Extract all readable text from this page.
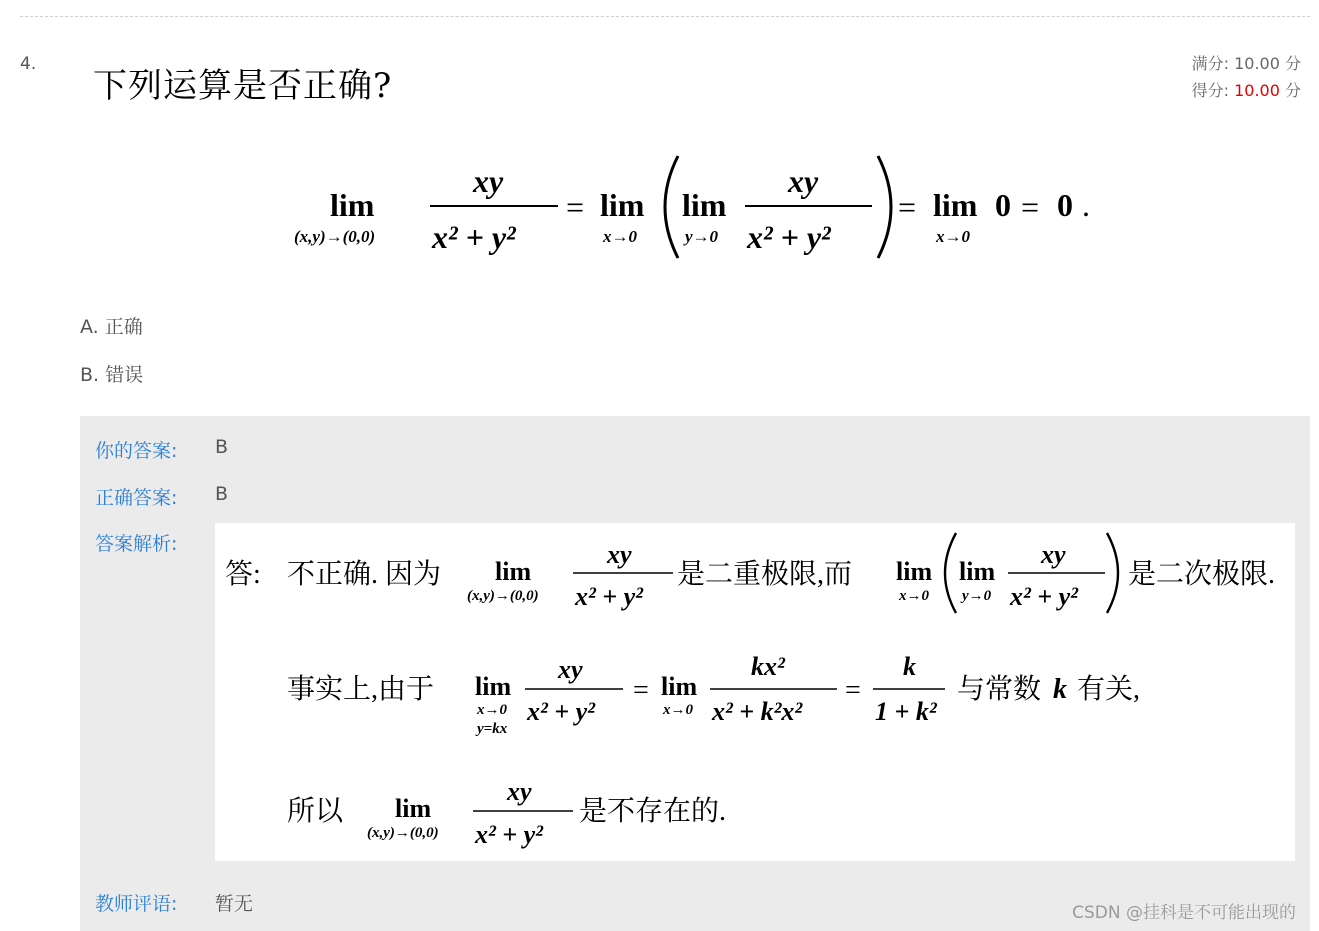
4.
下列运算是否正确?
满分: 10.00 分
得分: 10.00 分
lim
(x,y)→(0,0)
xy
x² + y²
= lim
x→0
lim
y→0
xy
x² + y²
= lim
x→0
0 = 0 .
A. 正确
B. 错误
你的答案: B
正确答案: B
答案解析:
答: 不正确. 因为 lim
(x,y)→(0,0)
xy
x² + y²
是二重极限,而 lim
x→0
lim
y→0
xy
x² + y²
是二次极限.
事实上,由于 lim
x→0
y=kx
xy
x² + y²
= lim
x→0
kx²
x² + k²x²
=
k
1 + k²
与常数 k 有关,
所以 lim
(x,y)→(0,0)
xy
x² + y²
是不存在的.
教师评语: 暂无	CSDN @挂科是不可能出现的
